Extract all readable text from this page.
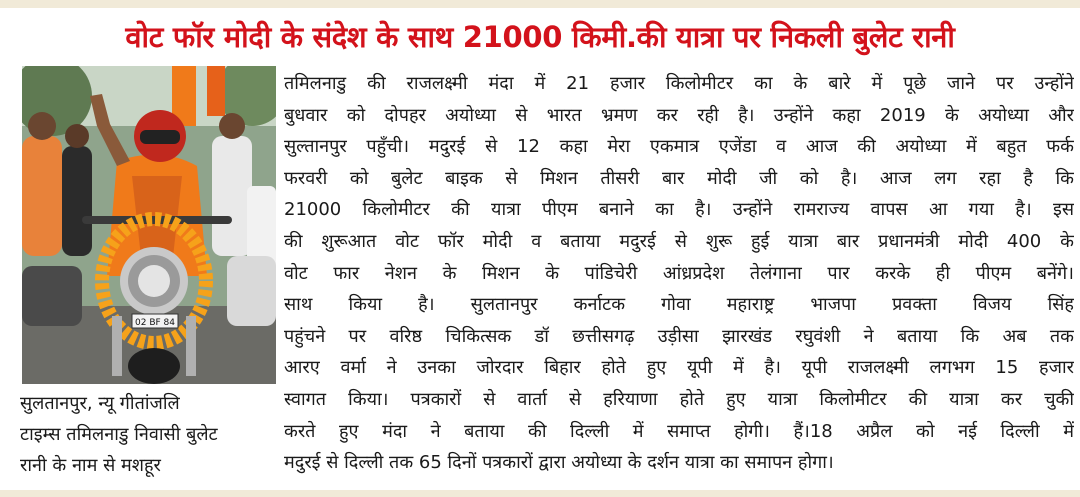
वोट फॉर मोदी के संदेश के साथ 21000 किमी.की यात्रा पर निकली बुलेट रानी
02 BF 84
सुलतानपुर, न्यू गीतांजलि
टाइम्स तमिलनाडु निवासी बुलेट
रानी के नाम से मशहूर
तमिलनाडु की राजलक्ष्मी मंदा में 21 हजार किलोमीटर का के बारे में पूछे जाने पर उन्होंने
बुधवार को दोपहर अयोध्या से भारत भ्रमण कर रही है। उन्होंने कहा 2019 के अयोध्या और
सुल्तानपुर पहुँची। मदुरई से 12 कहा मेरा एकमात्र एजेंडा व आज की अयोध्या में बहुत फर्क
फरवरी को बुलेट बाइक से मिशन तीसरी बार मोदी जी को है। आज लग रहा है कि
21000 किलोमीटर की यात्रा पीएम बनाने का है। उन्होंने रामराज्य वापस आ गया है। इस
की शुरूआत वोट फॉर मोदी व बताया मदुरई से शुरू हुई यात्रा बार प्रधानमंत्री मोदी 400 के
वोट फार नेशन के मिशन के पांडिचेरी आंध्रप्रदेश तेलंगाना पार करके ही पीएम बनेंगे।
साथ किया है। सुलतानपुर कर्नाटक गोवा महाराष्ट्र भाजपा प्रवक्ता विजय सिंह
पहुंचने पर वरिष्ठ चिकित्सक डॉ छत्तीसगढ़ उड़ीसा झारखंड रघुवंशी ने बताया कि अब तक
आरए वर्मा ने उनका जोरदार बिहार होते हुए यूपी में है। यूपी राजलक्ष्मी लगभग 15 हजार
स्वागत किया। पत्रकारों से वार्ता से हरियाणा होते हुए यात्रा किलोमीटर की यात्रा कर चुकी
करते हुए मंदा ने बताया की दिल्ली में समाप्त होगी। हैं।18 अप्रैल को नई दिल्ली में
मदुरई से दिल्ली तक 65 दिनों पत्रकारों द्वारा अयोध्या के दर्शन यात्रा का समापन होगा।
